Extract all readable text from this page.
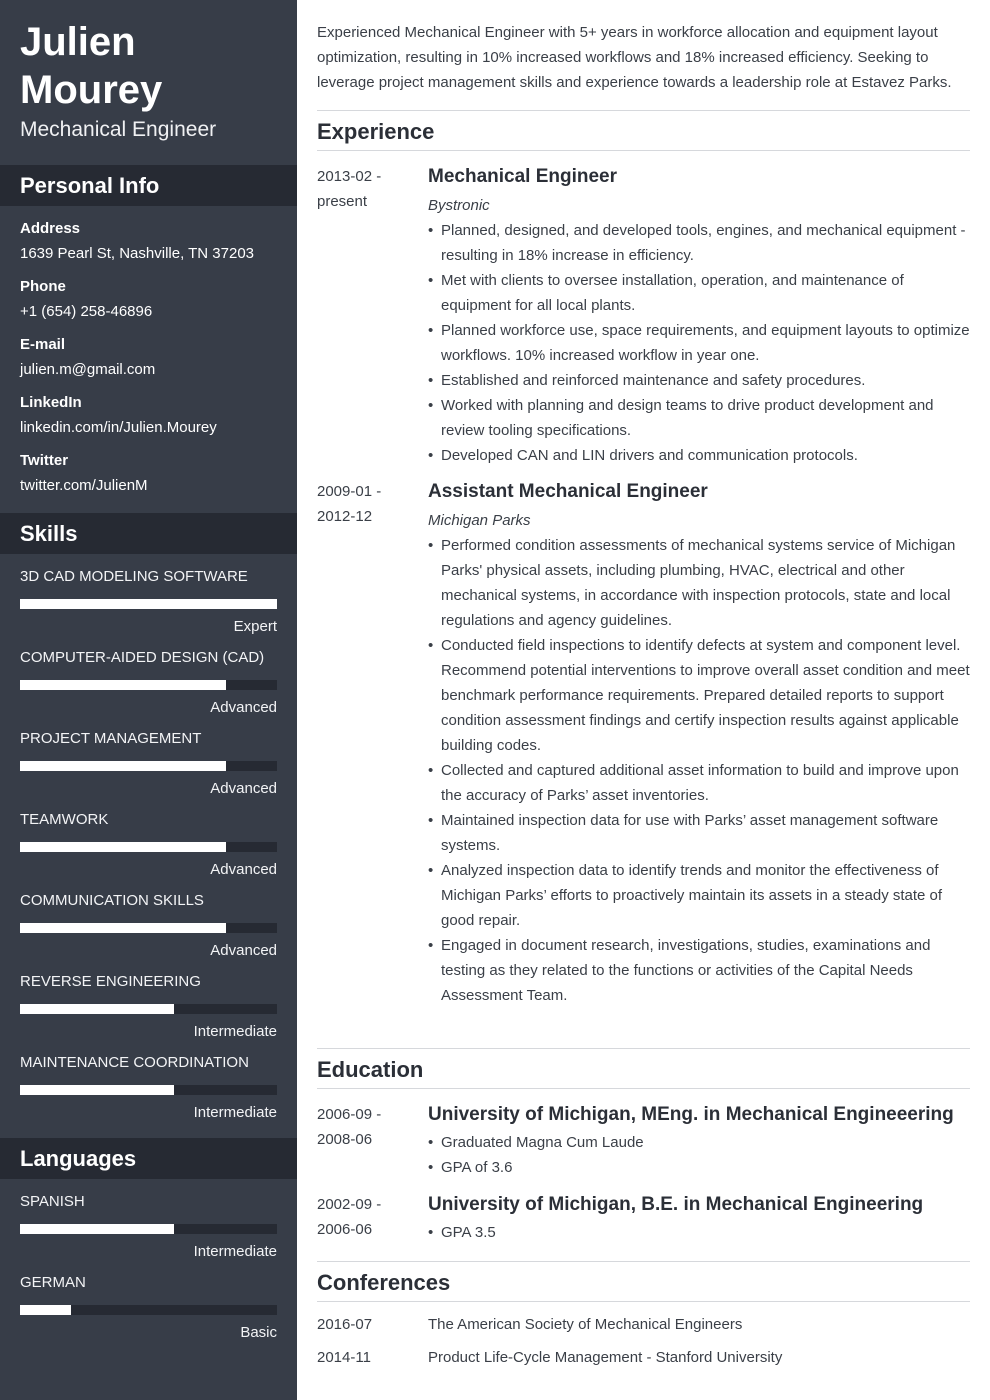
Julien
Mourey
Mechanical Engineer
Personal Info
Address
1639 Pearl St, Nashville, TN 37203
Phone
+1 (654) 258-46896
E-mail
julien.m@gmail.com
LinkedIn
linkedin.com/in/Julien.Mourey
Twitter
twitter.com/JulienM
Skills
3D CAD MODELING SOFTWARE
Expert
COMPUTER-AIDED DESIGN (CAD)
Advanced
PROJECT MANAGEMENT
Advanced
TEAMWORK
Advanced
COMMUNICATION SKILLS
Advanced
REVERSE ENGINEERING
Intermediate
MAINTENANCE COORDINATION
Intermediate
Languages
SPANISH
Intermediate
GERMAN
Basic

Experienced Mechanical Engineer with 5+ years in workforce allocation and equipment layout optimization, resulting in 10% increased workflows and 18% increased efficiency. Seeking to leverage project management skills and experience towards a leadership role at Estavez Parks.

Experience
2013-02 -
present
Mechanical Engineer
Bystronic
• Planned, designed, and developed tools, engines, and mechanical equipment - resulting in 18% increase in efficiency.
• Met with clients to oversee installation, operation, and maintenance of equipment for all local plants.
• Planned workforce use, space requirements, and equipment layouts to optimize workflows. 10% increased workflow in year one.
• Established and reinforced maintenance and safety procedures.
• Worked with planning and design teams to drive product development and review tooling specifications.
• Developed CAN and LIN drivers and communication protocols.
2009-01 -
2012-12
Assistant Mechanical Engineer
Michigan Parks
• Performed condition assessments of mechanical systems service of Michigan Parks' physical assets, including plumbing, HVAC, electrical and other mechanical systems, in accordance with inspection protocols, state and local regulations and agency guidelines.
• Conducted field inspections to identify defects at system and component level. Recommend potential interventions to improve overall asset condition and meet benchmark performance requirements. Prepared detailed reports to support condition assessment findings and certify inspection results against applicable building codes.
• Collected and captured additional asset information to build and improve upon the accuracy of Parks’ asset inventories.
• Maintained inspection data for use with Parks’ asset management software systems.
• Analyzed inspection data to identify trends and monitor the effectiveness of Michigan Parks’ efforts to proactively maintain its assets in a steady state of good repair.
• Engaged in document research, investigations, studies, examinations and testing as they related to the functions or activities of the Capital Needs Assessment Team.
Education
2006-09 -
2008-06
University of Michigan, MEng. in Mechanical Engineeering
• Graduated Magna Cum Laude
• GPA of 3.6
2002-09 -
2006-06
University of Michigan, B.E. in Mechanical Engineering
• GPA 3.5
Conferences
2016-07	The American Society of Mechanical Engineers
2014-11	Product Life-Cycle Management - Stanford University
